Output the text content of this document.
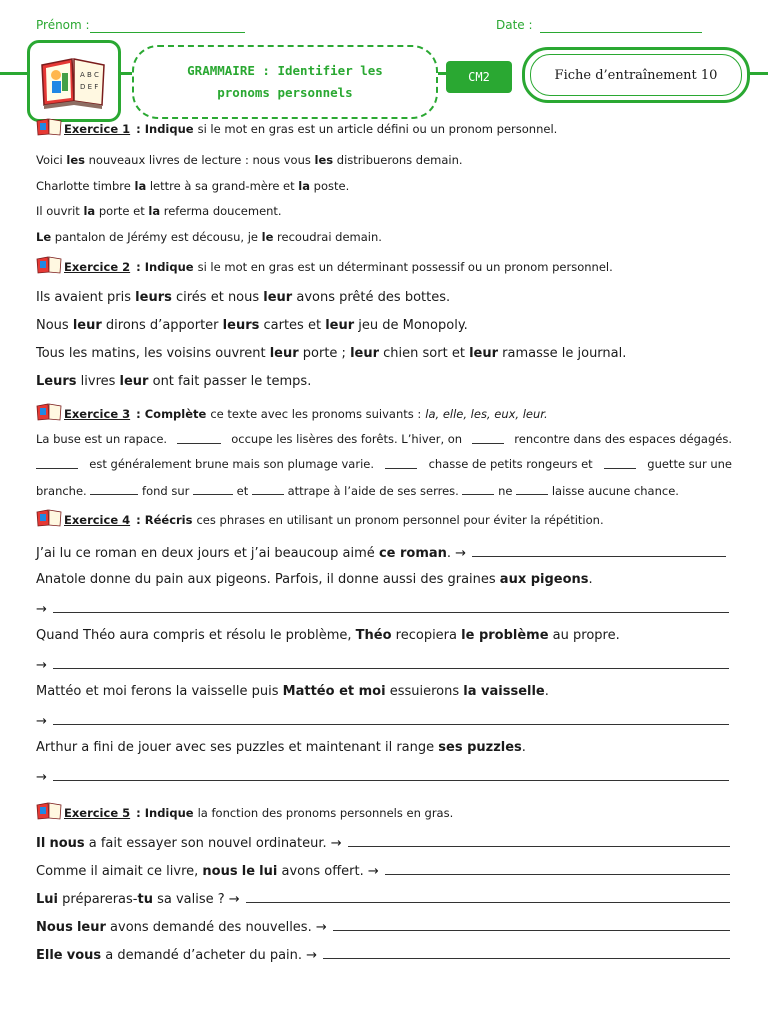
Prénom :	Date :
A B C
D E F
GRAMMAIRE : Identifier les
pronoms personnels
CM2	Fiche d’entraînement 10
Exercice 1 : Indique si le mot en gras est un article défini ou un pronom personnel.
Voici les nouveaux livres de lecture : nous vous les distribuerons demain.
Charlotte timbre la lettre à sa grand-mère et la poste.
Il ouvrit la porte et la referma doucement.
Le pantalon de Jérémy est décousu, je le recoudrai demain.
Exercice 2 : Indique si le mot en gras est un déterminant possessif ou un pronom personnel.
Ils avaient pris leurs cirés et nous leur avons prêté des bottes.
Nous leur dirons d’apporter leurs cartes et leur jeu de Monopoly.
Tous les matins, les voisins ouvrent leur porte ; leur chien sort et leur ramasse le journal.
Leurs livres leur ont fait passer le temps.
Exercice 3 : Complète ce texte avec les pronoms suivants : la, elle, les, eux, leur.
La buse est un rapace.	occupe les lisères des forêts. L’hiver, on	rencontre dans des espaces dégagés.
est généralement brune mais son plumage varie.	chasse de petits rongeurs et	guette sur une
branche.	fond sur	et	attrape à l’aide de ses serres.	ne	laisse aucune chance.
Exercice 4 : Réécris ces phrases en utilisant un pronom personnel pour éviter la répétition.
J’ai lu ce roman en deux jours et j’ai beaucoup aimé ce roman. →
Anatole donne du pain aux pigeons. Parfois, il donne aussi des graines aux pigeons.
→
Quand Théo aura compris et résolu le problème, Théo recopiera le problème au propre.
→
Mattéo et moi ferons la vaisselle puis Mattéo et moi essuierons la vaisselle.
→
Arthur a fini de jouer avec ses puzzles et maintenant il range ses puzzles.
→
Exercice 5 : Indique la fonction des pronoms personnels en gras.
Il nous a fait essayer son nouvel ordinateur. →
Comme il aimait ce livre, nous le lui avons offert. →
Lui prépareras-tu sa valise ? →
Nous leur avons demandé des nouvelles. →
Elle vous a demandé d’acheter du pain. →
